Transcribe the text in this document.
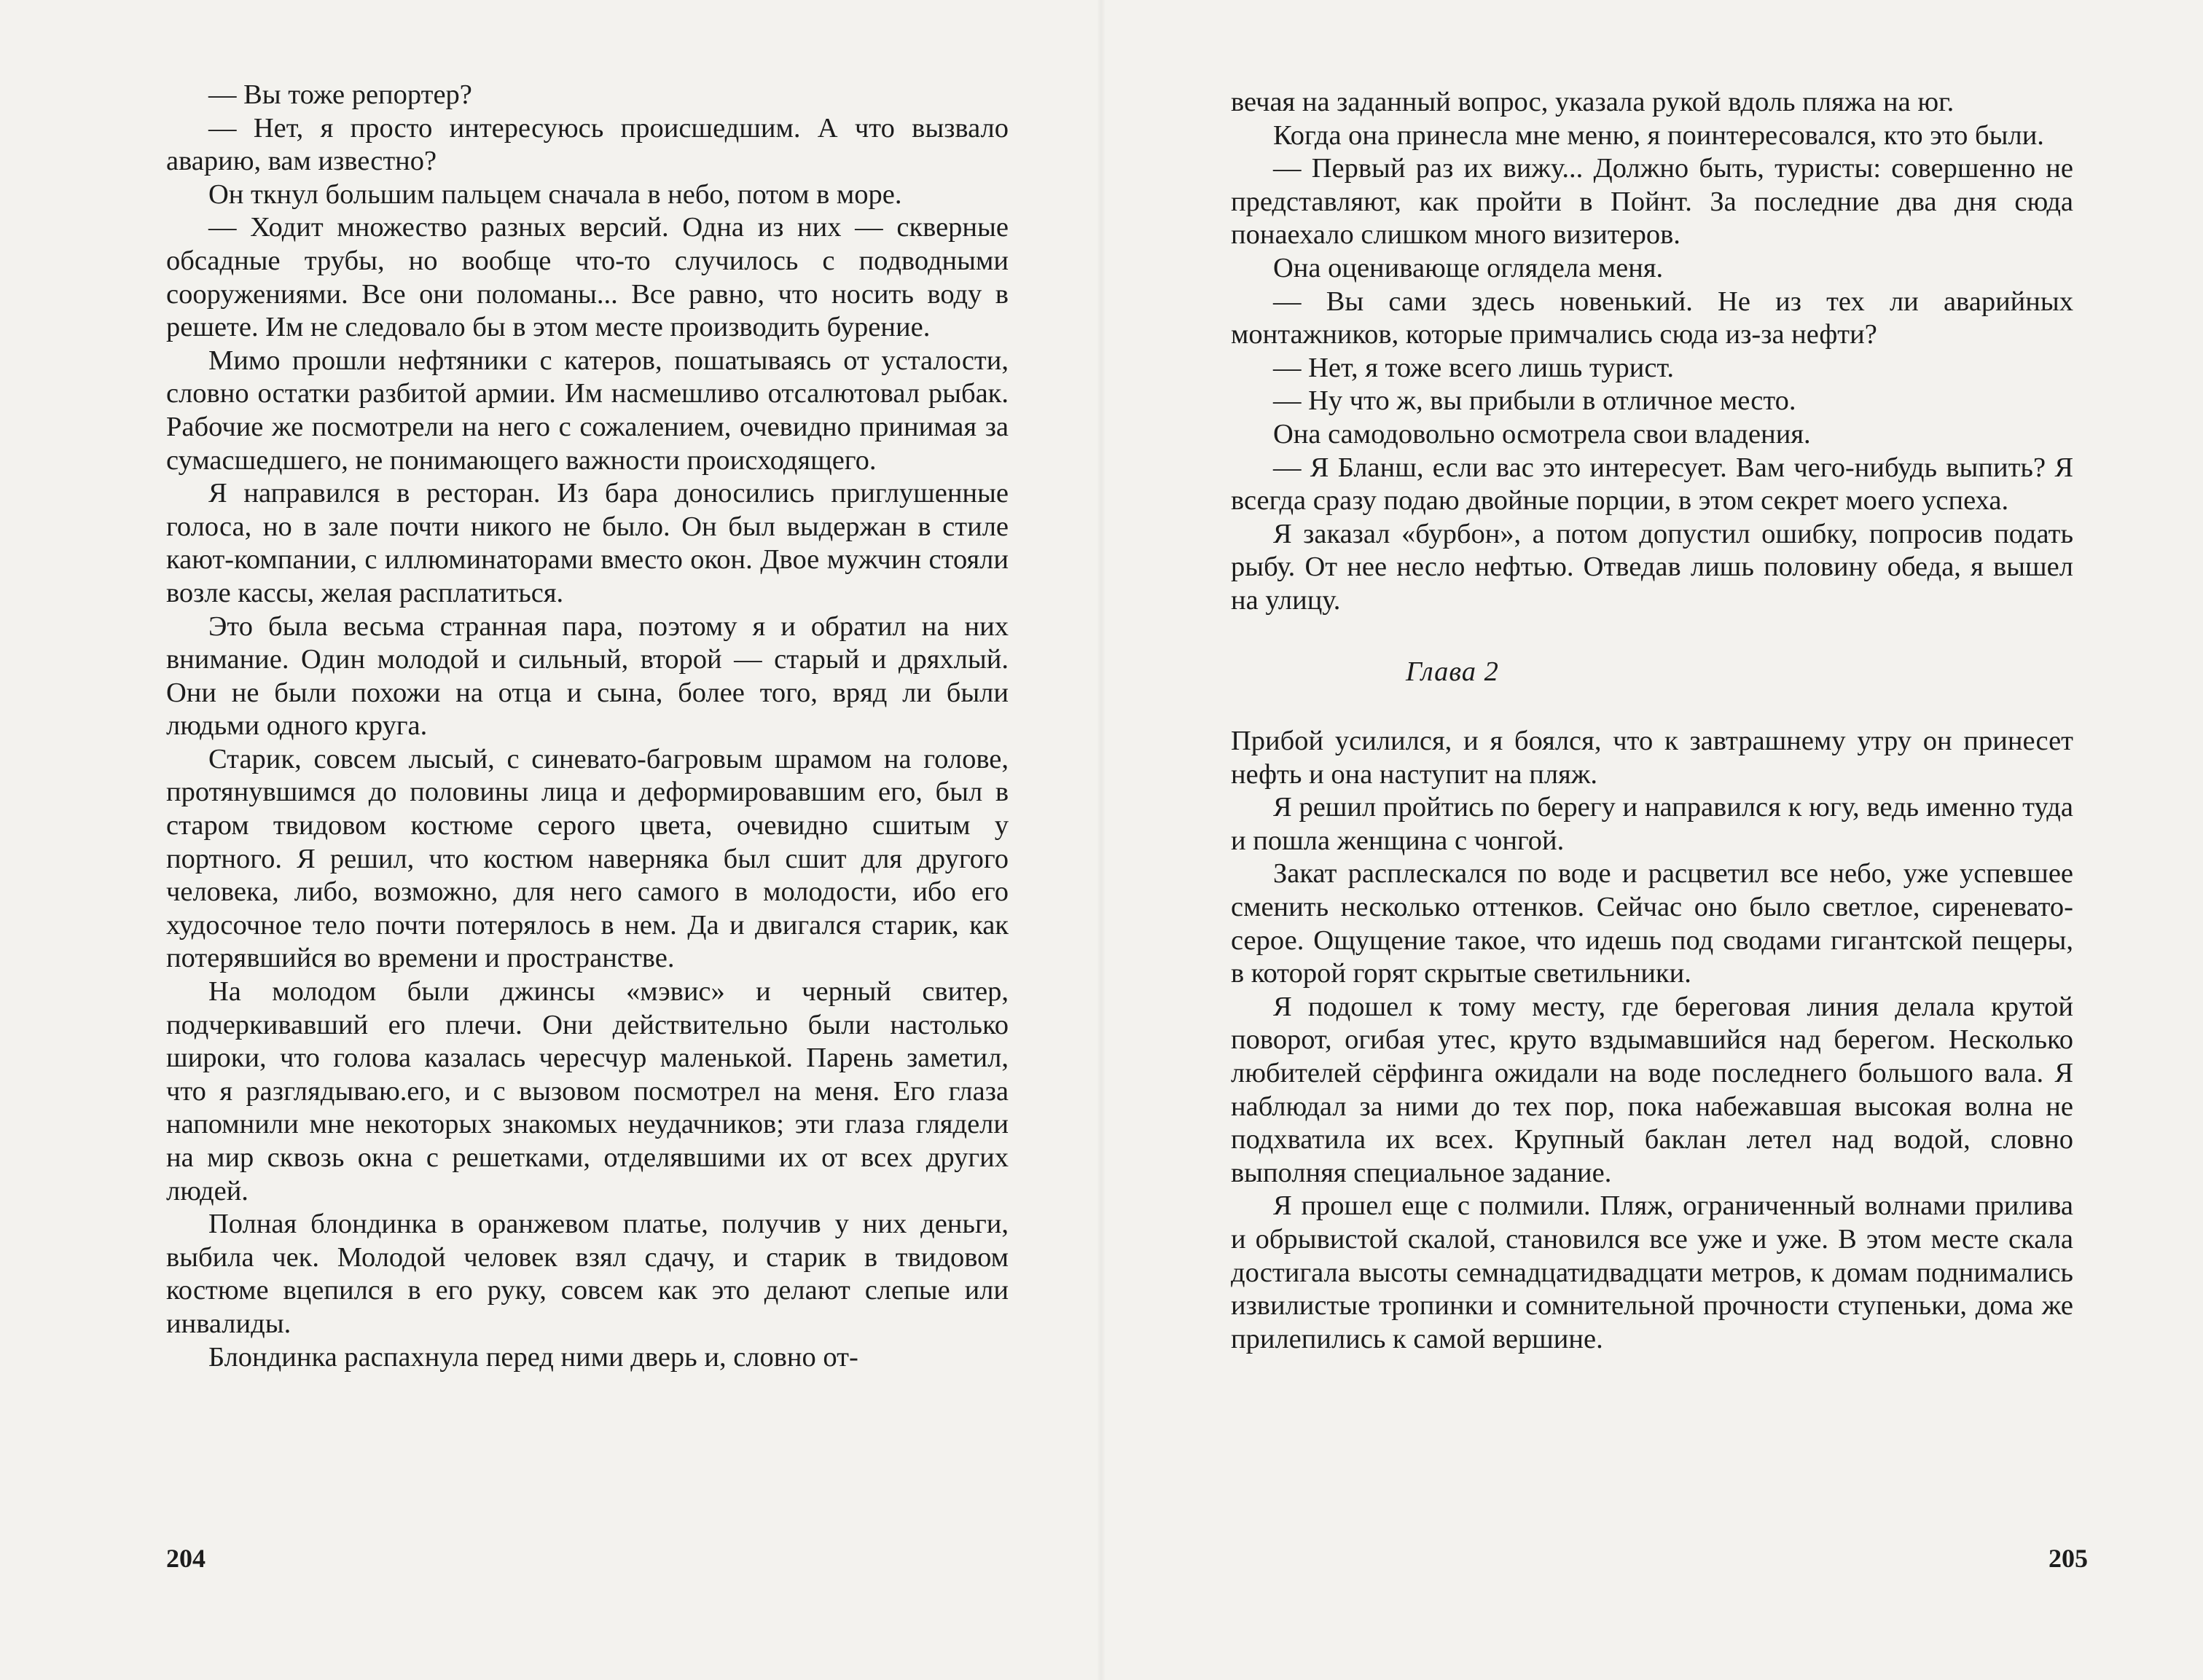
— Вы тоже репортер?

— Нет, я просто интересуюсь происшедшим. А что вызвало аварию, вам известно?

Он ткнул большим пальцем сначала в небо, потом в море.

— Ходит множество разных версий. Одна из них — скверные обсадные трубы, но вообще что-то случилось с подводными сооружениями. Все они поломаны... Все равно, что носить воду в решете. Им не следовало бы в этом месте производить бурение.

Мимо прошли нефтяники с катеров, пошатываясь от усталости, словно остатки разбитой армии. Им насмешливо отсалютовал рыбак. Рабочие же посмотрели на него с сожалением, очевидно принимая за сумасшедшего, не понимающего важности происходящего.

Я направился в ресторан. Из бара доносились приглушенные голоса, но в зале почти никого не было. Он был выдержан в стиле кают-компании, с иллюминаторами вместо окон. Двое мужчин стояли возле кассы, желая расплатиться.

Это была весьма странная пара, поэтому я и обратил на них внимание. Один молодой и сильный, второй — старый и дряхлый. Они не были похожи на отца и сына, более того, вряд ли были людьми одного круга.

Старик, совсем лысый, с синевато-багровым шрамом на голове, протянувшимся до половины лица и деформировавшим его, был в старом твидовом костюме серого цвета, очевидно сшитым у портного. Я решил, что костюм наверняка был сшит для другого человека, либо, возможно, для него самого в молодости, ибо его худосочное тело почти потерялось в нем. Да и двигался старик, как потерявшийся во времени и пространстве.

На молодом были джинсы «мэвис» и черный свитер, подчеркивавший его плечи. Они действительно были настолько широки, что голова казалась чересчур маленькой. Парень заметил, что я разглядываю.его, и с вызовом посмотрел на меня. Его глаза напомнили мне некоторых знакомых неудачников; эти глаза глядели на мир сквозь окна с решетками, отделявшими их от всех других людей.

Полная блондинка в оранжевом платье, получив у них деньги, выбила чек. Молодой человек взял сдачу, и старик в твидовом костюме вцепился в его руку, совсем как это делают слепые или инвалиды.

Блондинка распахнула перед ними дверь и, словно от-

204

вечая на заданный вопрос, указала рукой вдоль пляжа на юг.

Когда она принесла мне меню, я поинтересовался, кто это были.

— Первый раз их вижу... Должно быть, туристы: совершенно не представляют, как пройти в Пойнт. За последние два дня сюда понаехало слишком много визитеров.

Она оценивающе оглядела меня.

— Вы сами здесь новенький. Не из тех ли аварийных монтажников, которые примчались сюда из-за нефти?

— Нет, я тоже всего лишь турист.

— Ну что ж, вы прибыли в отличное место.

Она самодовольно осмотрела свои владения.

— Я Бланш, если вас это интересует. Вам чего-нибудь выпить? Я всегда сразу подаю двойные порции, в этом секрет моего успеха.

Я заказал «бурбон», а потом допустил ошибку, попросив подать рыбу. От нее несло нефтью. Отведав лишь половину обеда, я вышел на улицу.

Глава 2

Прибой усилился, и я боялся, что к завтрашнему утру он принесет нефть и она наступит на пляж.

Я решил пройтись по берегу и направился к югу, ведь именно туда и пошла женщина с чонгой.

Закат расплескался по воде и расцветил все небо, уже успевшее сменить несколько оттенков. Сейчас оно было светлое, сиреневато-серое. Ощущение такое, что идешь под сводами гигантской пещеры, в которой горят скрытые светильники.

Я подошел к тому месту, где береговая линия делала крутой поворот, огибая утес, круто вздымавшийся над берегом. Несколько любителей сёрфинга ожидали на воде последнего большого вала. Я наблюдал за ними до тех пор, пока набежавшая высокая волна не подхватила их всех. Крупный баклан летел над водой, словно выполняя специальное задание.

Я прошел еще с полмили. Пляж, ограниченный волнами прилива и обрывистой скалой, становился все уже и уже. В этом месте скала достигала высоты семнадцатидвадцати метров, к домам поднимались извилистые тропинки и сомнительной прочности ступеньки, дома же прилепились к самой вершине.

205
